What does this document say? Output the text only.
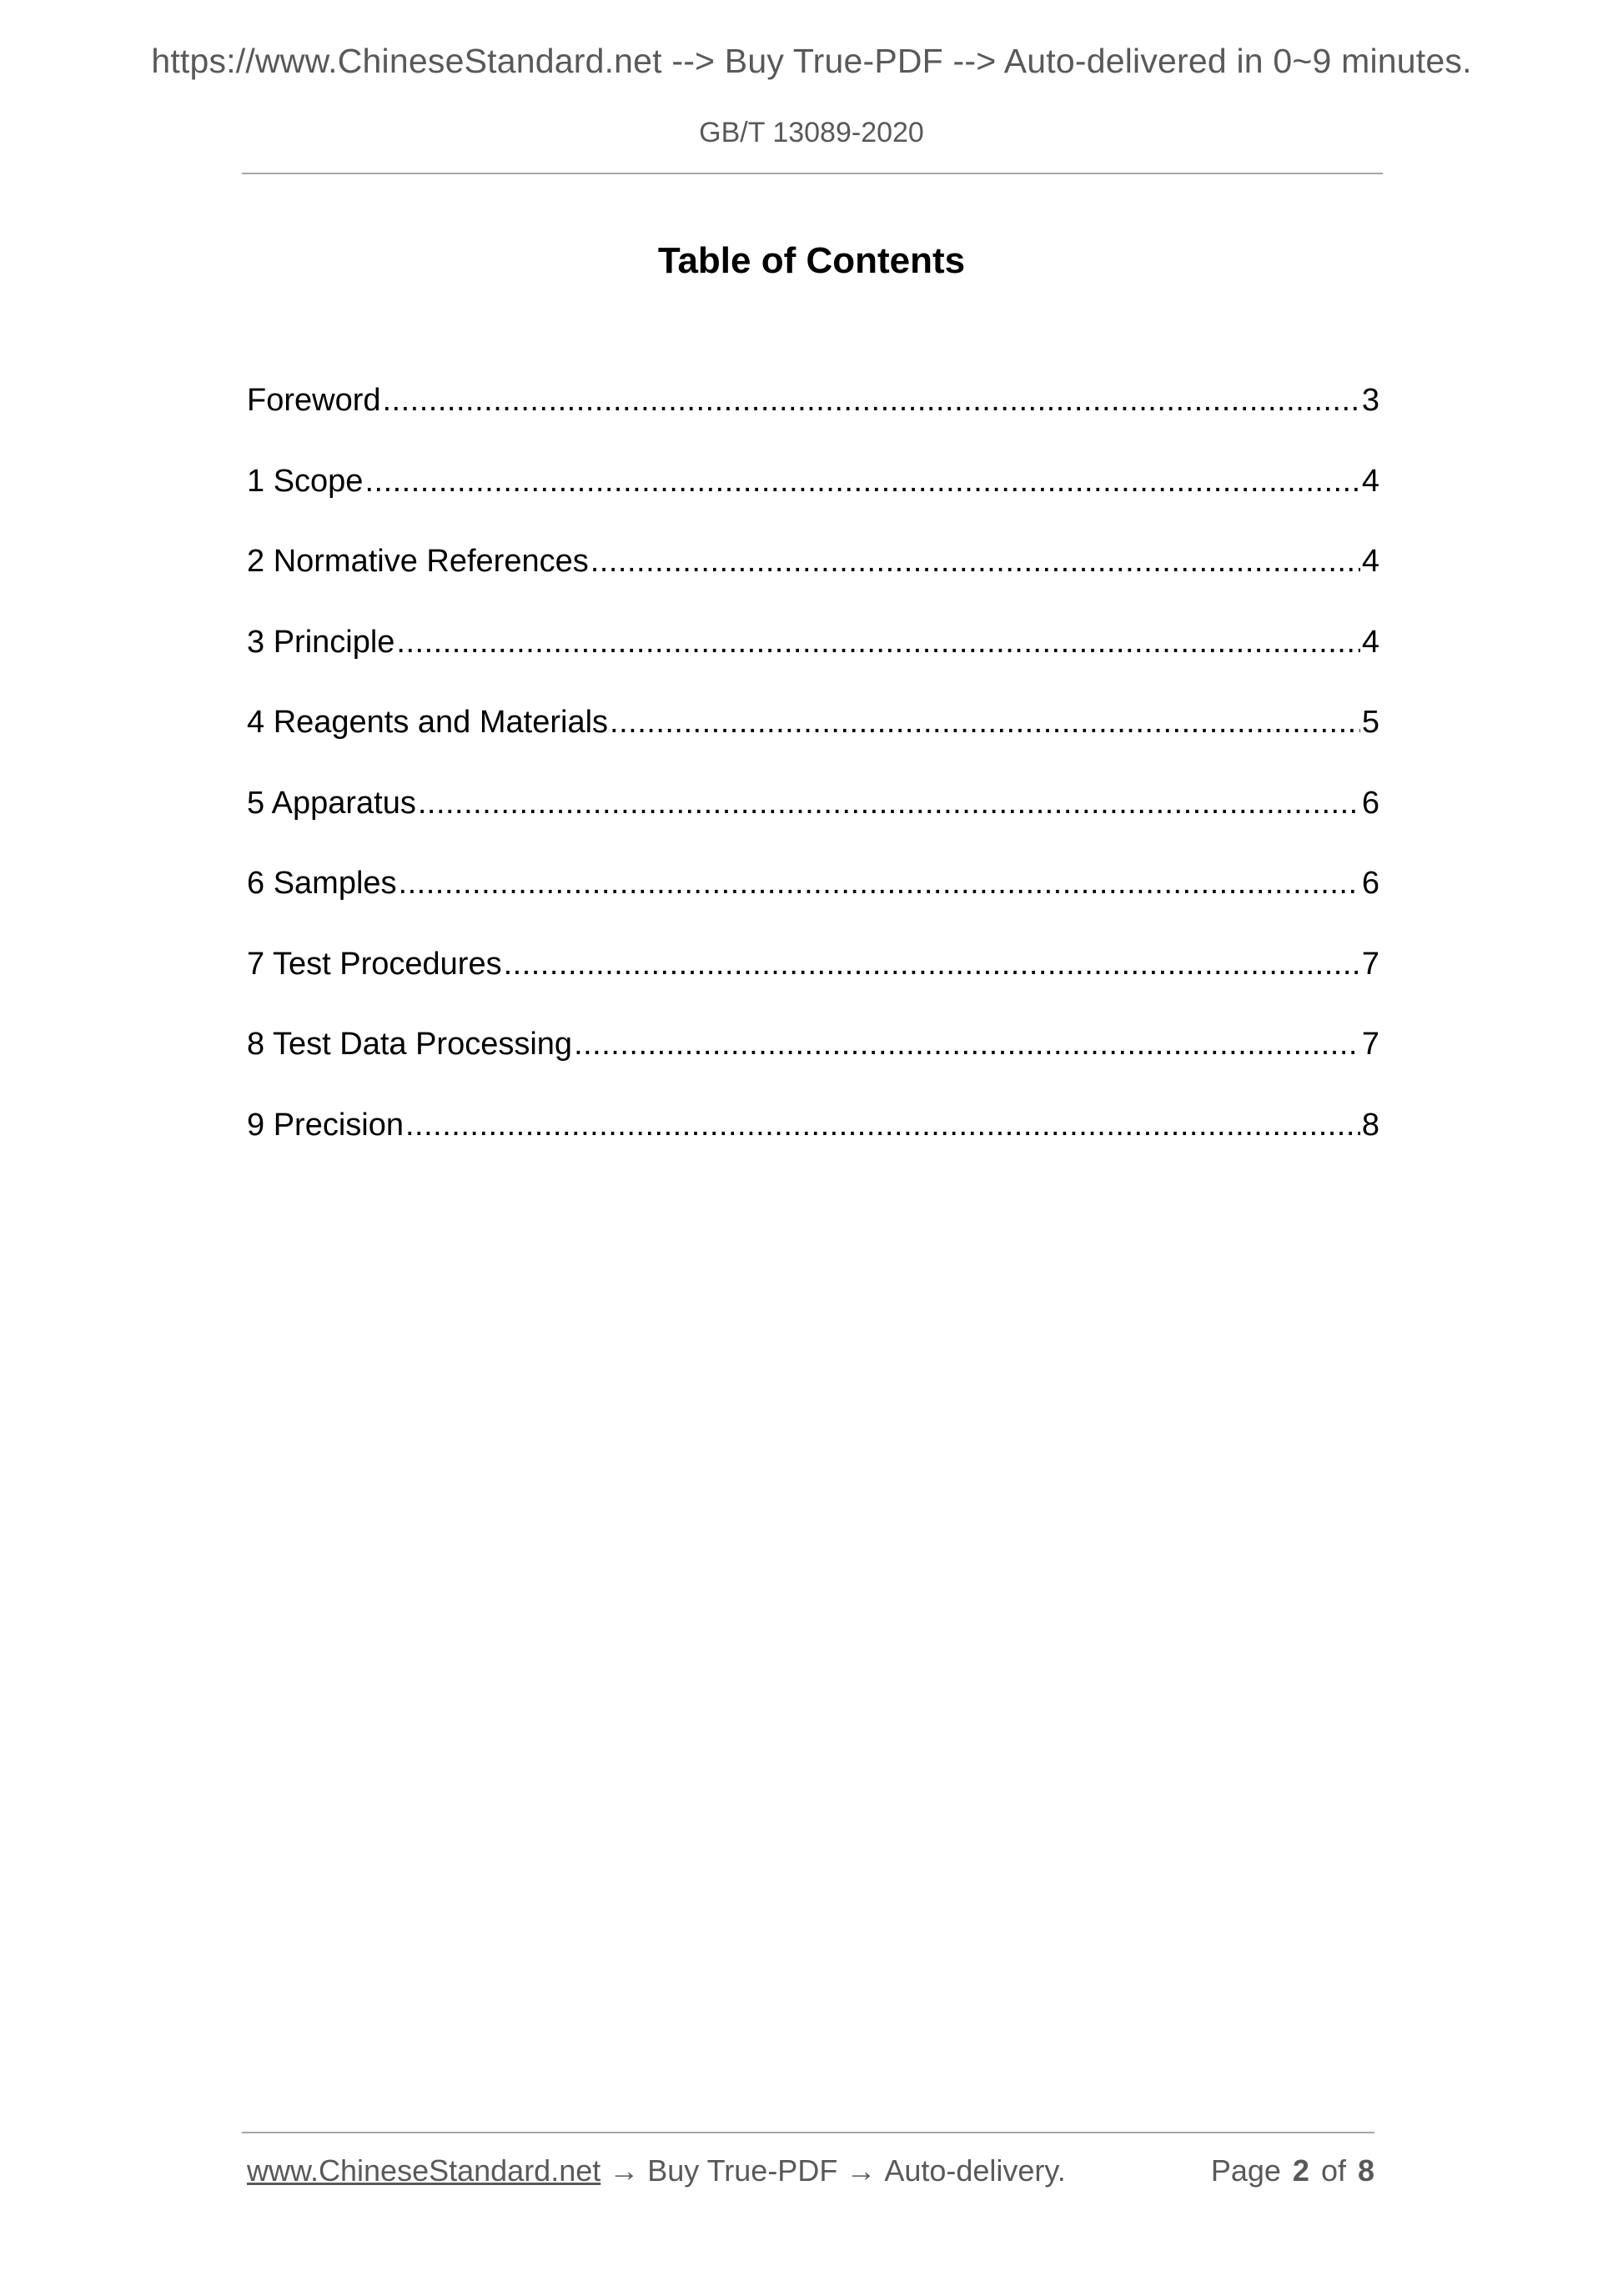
https://www.ChineseStandard.net --> Buy True-PDF --> Auto-delivered in 0~9 minutes.
GB/T 13089-2020
Table of Contents
Foreword .....	3
1 Scope .....	4
2 Normative References .....	4
3 Principle .....	4
4 Reagents and Materials .....	5
5 Apparatus .....	6
6 Samples .....	6
7 Test Procedures .....	7
8 Test Data Processing .....	7
9 Precision .....	8
www.ChineseStandard.net → Buy True-PDF → Auto-delivery.	Page 2 of 8
